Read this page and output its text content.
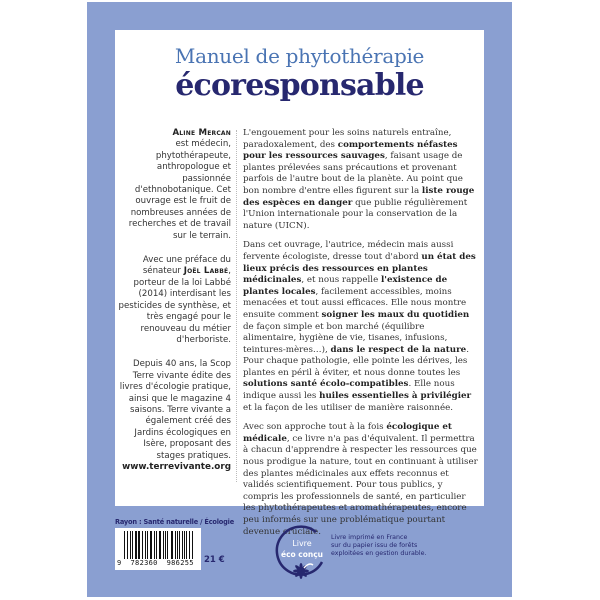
Manuel de phytothérapie
écoresponsable

Aline Mercan
est médecin, phytothérapeute, anthropologue et passionnée d'ethnobotanique. Cet ouvrage est le fruit de nombreuses années de recherches et de travail sur le terrain.

Avec une préface du sénateur Joël Labbé, porteur de la loi Labbé (2014) interdisant les pesticides de synthèse, et très engagé pour le renouveau du métier d'herboriste.

Depuis 40 ans, la Scop Terre vivante édite des livres d'écologie pratique, ainsi que le magazine 4 saisons. Terre vivante a également créé des Jardins écologiques en Isère, proposant des stages pratiques.
www.terrevivante.org

L'engouement pour les soins naturels entraîne, paradoxalement, des comportements néfastes pour les ressources sauvages, faisant usage de plantes prélevées sans précautions et provenant parfois de l'autre bout de la planète. Au point que bon nombre d'entre elles figurent sur la liste rouge des espèces en danger que publie régulièrement l'Union internationale pour la conservation de la nature (UICN).

Dans cet ouvrage, l'autrice, médecin mais aussi fervente écologiste, dresse tout d'abord un état des lieux précis des ressources en plantes médicinales, et nous rappelle l'existence de plantes locales, facilement accessibles, moins menacées et tout aussi efficaces. Elle nous montre ensuite comment soigner les maux du quotidien de façon simple et bon marché (équilibre alimentaire, hygiène de vie, tisanes, infusions, teintures-mères…), dans le respect de la nature. Pour chaque pathologie, elle pointe les dérives, les plantes en péril à éviter, et nous donne toutes les solutions santé écolo-compatibles. Elle nous indique aussi les huiles essentielles à privilégier et la façon de les utiliser de manière raisonnée.

Avec son approche tout à la fois écologique et médicale, ce livre n'a pas d'équivalent. Il permettra à chacun d'apprendre à respecter les ressources que nous prodigue la nature, tout en continuant à utiliser des plantes médicinales aux effets reconnus et validés scientifiquement. Pour tous publics, y compris les professionnels de santé, en particulier les phytothérapeutes et aromathérapeutes, encore peu informés sur une problématique pourtant devenue cruciale.

Rayon : Santé naturelle / Écologie
9  782360  986255	21 €
Livre
éco conçu
Livre imprimé en France
sur du papier issu de forêts
exploitées en gestion durable.
